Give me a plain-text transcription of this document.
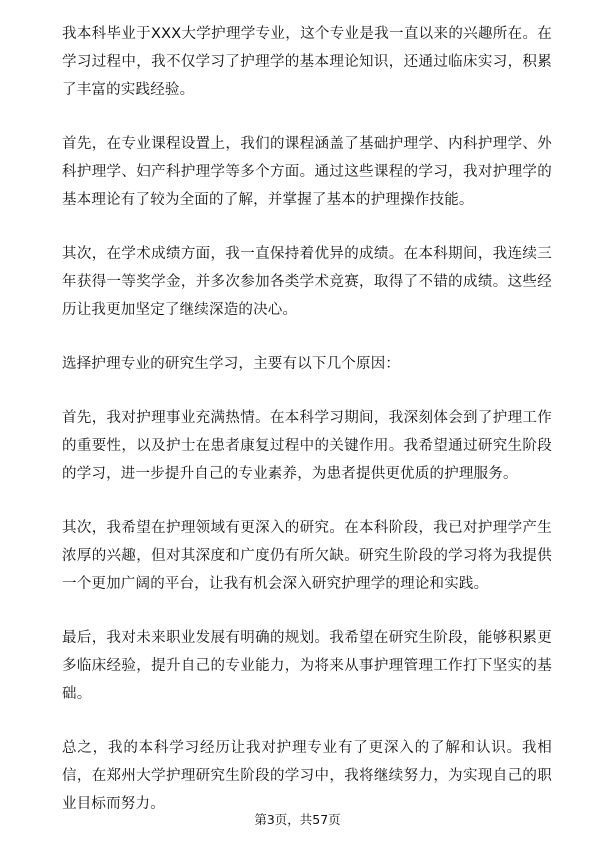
我本科毕业于XXX大学护理学专业，这个专业是我一直以来的兴趣所在。在学习过程中，我不仅学习了护理学的基本理论知识，还通过临床实习，积累了丰富的实践经验。

首先，在专业课程设置上，我们的课程涵盖了基础护理学、内科护理学、外科护理学、妇产科护理学等多个方面。通过这些课程的学习，我对护理学的基本理论有了较为全面的了解，并掌握了基本的护理操作技能。

其次，在学术成绩方面，我一直保持着优异的成绩。在本科期间，我连续三年获得一等奖学金，并多次参加各类学术竞赛，取得了不错的成绩。这些经历让我更加坚定了继续深造的决心。

选择护理专业的研究生学习，主要有以下几个原因：

首先，我对护理事业充满热情。在本科学习期间，我深刻体会到了护理工作的重要性，以及护士在患者康复过程中的关键作用。我希望通过研究生阶段的学习，进一步提升自己的专业素养，为患者提供更优质的护理服务。

其次，我希望在护理领域有更深入的研究。在本科阶段，我已对护理学产生浓厚的兴趣，但对其深度和广度仍有所欠缺。研究生阶段的学习将为我提供一个更加广阔的平台，让我有机会深入研究护理学的理论和实践。

最后，我对未来职业发展有明确的规划。我希望在研究生阶段，能够积累更多临床经验，提升自己的专业能力，为将来从事护理管理工作打下坚实的基础。

总之，我的本科学习经历让我对护理专业有了更深入的了解和认识。我相信，在郑州大学护理研究生阶段的学习中，我将继续努力，为实现自己的职业目标而努力。

第3页，共57页
